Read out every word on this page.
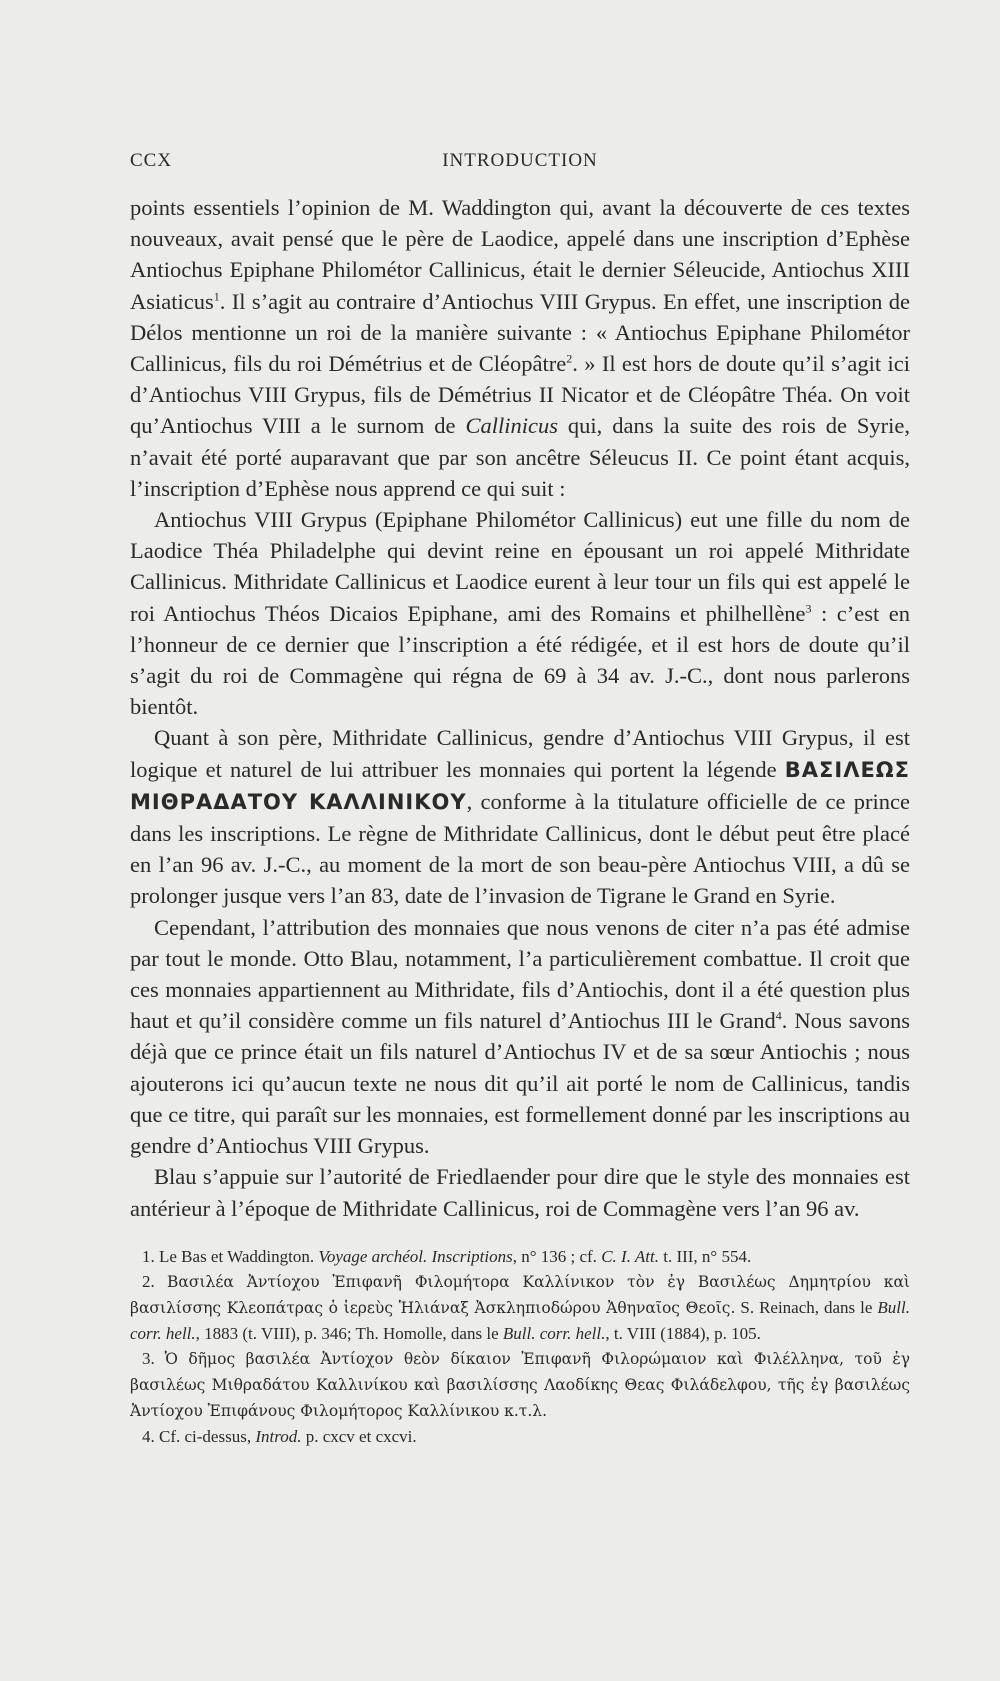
CCX	INTRODUCTION

points essentiels l’opinion de M. Waddington qui, avant la découverte de ces textes nouveaux, avait pensé que le père de Laodice, appelé dans une inscription d’Ephèse Antiochus Epiphane Philométor Callinicus, était le dernier Séleucide, Antiochus XIII Asiaticus$^1$. Il s’agit au contraire d’Antiochus VIII Grypus. En effet, une inscription de Délos mentionne un roi de la manière suivante : « Antiochus Epiphane Philométor Callinicus, fils du roi Démétrius et de Cléopâtre$^2$. » Il est hors de doute qu’il s’agit ici d’Antiochus VIII Grypus, fils de Démétrius II Nicator et de Cléopâtre Théa. On voit qu’Antiochus VIII a le surnom de Callinicus qui, dans la suite des rois de Syrie, n’avait été porté auparavant que par son ancêtre Séleucus II. Ce point étant acquis, l’inscription d’Ephèse nous apprend ce qui suit :

Antiochus VIII Grypus (Epiphane Philométor Callinicus) eut une fille du nom de Laodice Théa Philadelphe qui devint reine en épousant un roi appelé Mithridate Callinicus. Mithridate Callinicus et Laodice eurent à leur tour un fils qui est appelé le roi Antiochus Théos Dicaios Epiphane, ami des Romains et philhellène$^3$ : c’est en l’honneur de ce dernier que l’inscription a été rédigée, et il est hors de doute qu’il s’agit du roi de Commagène qui régna de 69 à 34 av. J.-C., dont nous parlerons bientôt.

Quant à son père, Mithridate Callinicus, gendre d’Antiochus VIII Grypus, il est logique et naturel de lui attribuer les monnaies qui portent la légende ΒΑΣΙΛΕΩΣ ΜΙΘΡΑΔΑΤΟΥ ΚΑΛΛΙΝΙΚΟΥ, conforme à la titulature officielle de ce prince dans les inscriptions. Le règne de Mithridate Callinicus, dont le début peut être placé en l’an 96 av. J.-C., au moment de la mort de son beau-père Antiochus VIII, a dû se prolonger jusque vers l’an 83, date de l’invasion de Tigrane le Grand en Syrie.

Cependant, l’attribution des monnaies que nous venons de citer n’a pas été admise par tout le monde. Otto Blau, notamment, l’a particulièrement combattue. Il croit que ces monnaies appartiennent au Mithridate, fils d’Antiochis, dont il a été question plus haut et qu’il considère comme un fils naturel d’Antiochus III le Grand$^4$. Nous savons déjà que ce prince était un fils naturel d’Antiochus IV et de sa sœur Antiochis ; nous ajouterons ici qu’aucun texte ne nous dit qu’il ait porté le nom de Callinicus, tandis que ce titre, qui paraît sur les monnaies, est formellement donné par les inscriptions au gendre d’Antiochus VIII Grypus.

Blau s’appuie sur l’autorité de Friedlaender pour dire que le style des monnaies est antérieur à l’époque de Mithridate Callinicus, roi de Commagène vers l’an 96 av.

1. Le Bas et Waddington. Voyage archéol. Inscriptions, n° 136 ; cf. C. I. Att. t. III, n° 554.

2. Βασιλέα Ἀντίοχου Ἐπιφανῆ Φιλομήτορα Καλλίνικον τὸν ἐγ Βασιλέως Δημητρίου καὶ βασιλίσσης Κλεοπάτρας ὁ ἱερεὺς Ἡλιάναξ Ἀσκληπιοδώρου Ἀθηναῖος Θεοῖς. S. Reinach, dans le Bull. corr. hell., 1883 (t. VIII), p. 346; Th. Homolle, dans le Bull. corr. hell., t. VIII (1884), p. 105.

3. Ὁ δῆμος βασιλέα Ἀντίοχον θεὸν δίκαιον Ἐπιφανῆ Φιλορώμαιον καὶ Φιλέλληνα, τοῦ ἐγ βασιλέως Μιθραδάτου Καλλινίκου καὶ βασιλίσσης Λαοδίκης Θεας Φιλάδελφου, τῆς ἐγ βασιλέως Ἀντίοχου Ἐπιφάνους Φιλομήτορος Καλλίνικου κ.τ.λ.

4. Cf. ci-dessus, Introd. p. cxcv et cxcvi.
